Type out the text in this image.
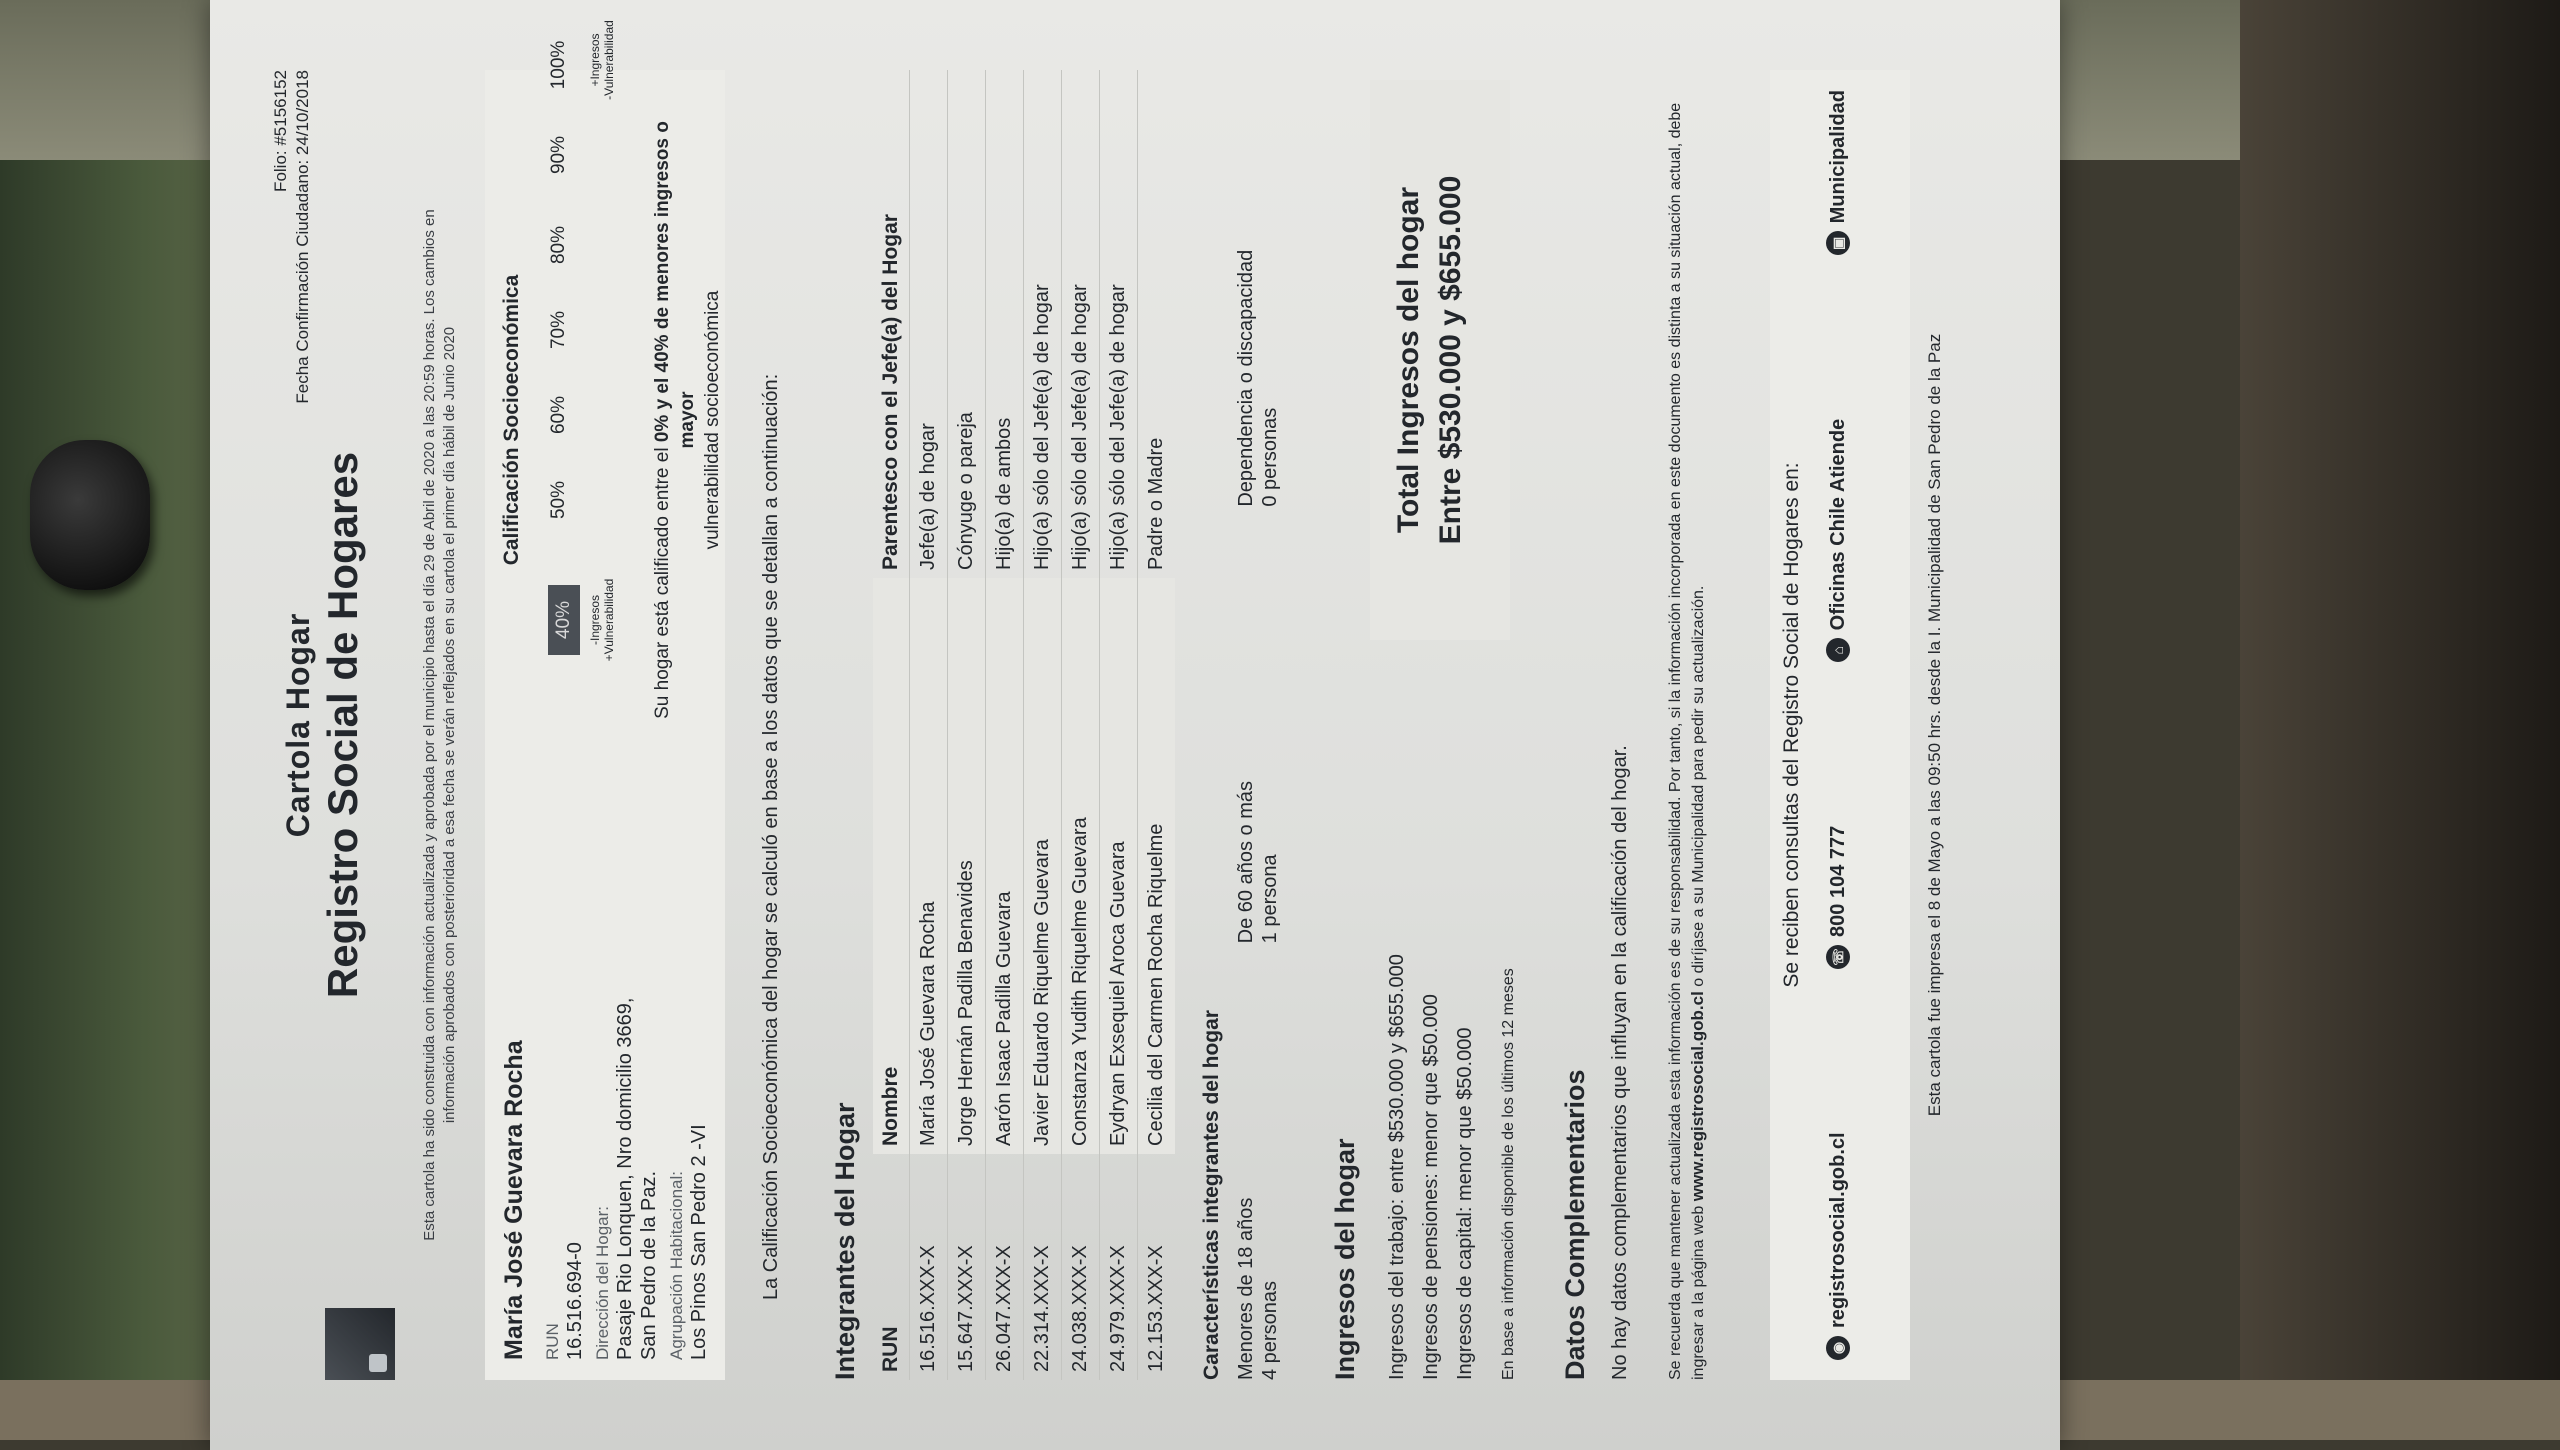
Folio: #5156152 Fecha Confirmación Ciudadano: 24/10/2018
Cartola Hogar Registro Social de Hogares	Esta cartola ha sido construida con información actualizada y aprobada por el municipio hasta el día 29 de Abril de 2020 a las 20:59 horas. Los cambios en información aprobados con posterioridad a esa fecha se verán reflejados en su cartola el primer día hábil de Junio 2020
María José Guevara Rocha RUN 16.516.694-0 Dirección del Hogar: Pasaje Rio Lonquen, Nro domicilio 3669, San Pedro de la Paz. Agrupación Habitacional: Los Pinos San Pedro 2 -VI
Calificación Socioeconómica
40%
50%
60%
70%
80%
90%
100%
-Ingresos
+Vulnerabilidad
+Ingresos
-Vulnerabilidad
Su hogar está calificado entre el 0% y el 40% de menores ingresos o mayor vulnerabilidad socioeconómica La Calificación Socioeconómica del hogar se calculó en base a los datos que se detallan a continuación: Integrantes del Hogar RUN	Nombre	Parentesco con el Jefe(a) del Hogar
16.516.XXX-X	María José Guevara Rocha	Jefe(a) de hogar
15.647.XXX-X	Jorge Hernán Padilla Benavides	Cónyuge o pareja
26.047.XXX-X	Aarón Isaac Padilla Guevara	Hijo(a) de ambos
22.314.XXX-X	Javier Eduardo Riquelme Guevara	Hijo(a) sólo del Jefe(a) de hogar
24.038.XXX-X	Constanza Yudith Riquelme Guevara	Hijo(a) sólo del Jefe(a) de hogar
24.979.XXX-X	Eydryan Exsequiel Aroca Guevara	Hijo(a) sólo del Jefe(a) de hogar
12.153.XXX-X	Cecilia del Carmen Rocha Riquelme	Padre o Madre
Características integrantes del hogar Menores de 18 años 4 personas
De 60 años o más 1 persona
Dependencia o discapacidad 0 personas
Ingresos del hogar	Ingresos del trabajo: entre $530.000 y $655.000 Ingresos de pensiones: menor que $50.000 Ingresos de capital: menor que $50.000	En base a información disponible de los últimos 12 meses
Total Ingresos del hogar Entre $530.000 y $655.000
Datos Complementarios No hay datos complementarios que influyan en la calificación del hogar. Se recuerda que mantener actualizada esta información es de su responsabilidad. Por tanto, si la información incorporada en este documento es distinta a su situación actual, debe ingresar a la página web www.registrosocial.gob.cl o diríjase a su Municipalidad para pedir su actualización.	Se reciben consultas del Registro Social de Hogares en:
◉
registrosocial.gob.cl
☏
800 104 777
⌂
Oficinas Chile Atiende
▣
Municipalidad
Esta cartola fue impresa el 8 de Mayo a las 09:50 hrs. desde la I. Municipalidad de San Pedro de la Paz
